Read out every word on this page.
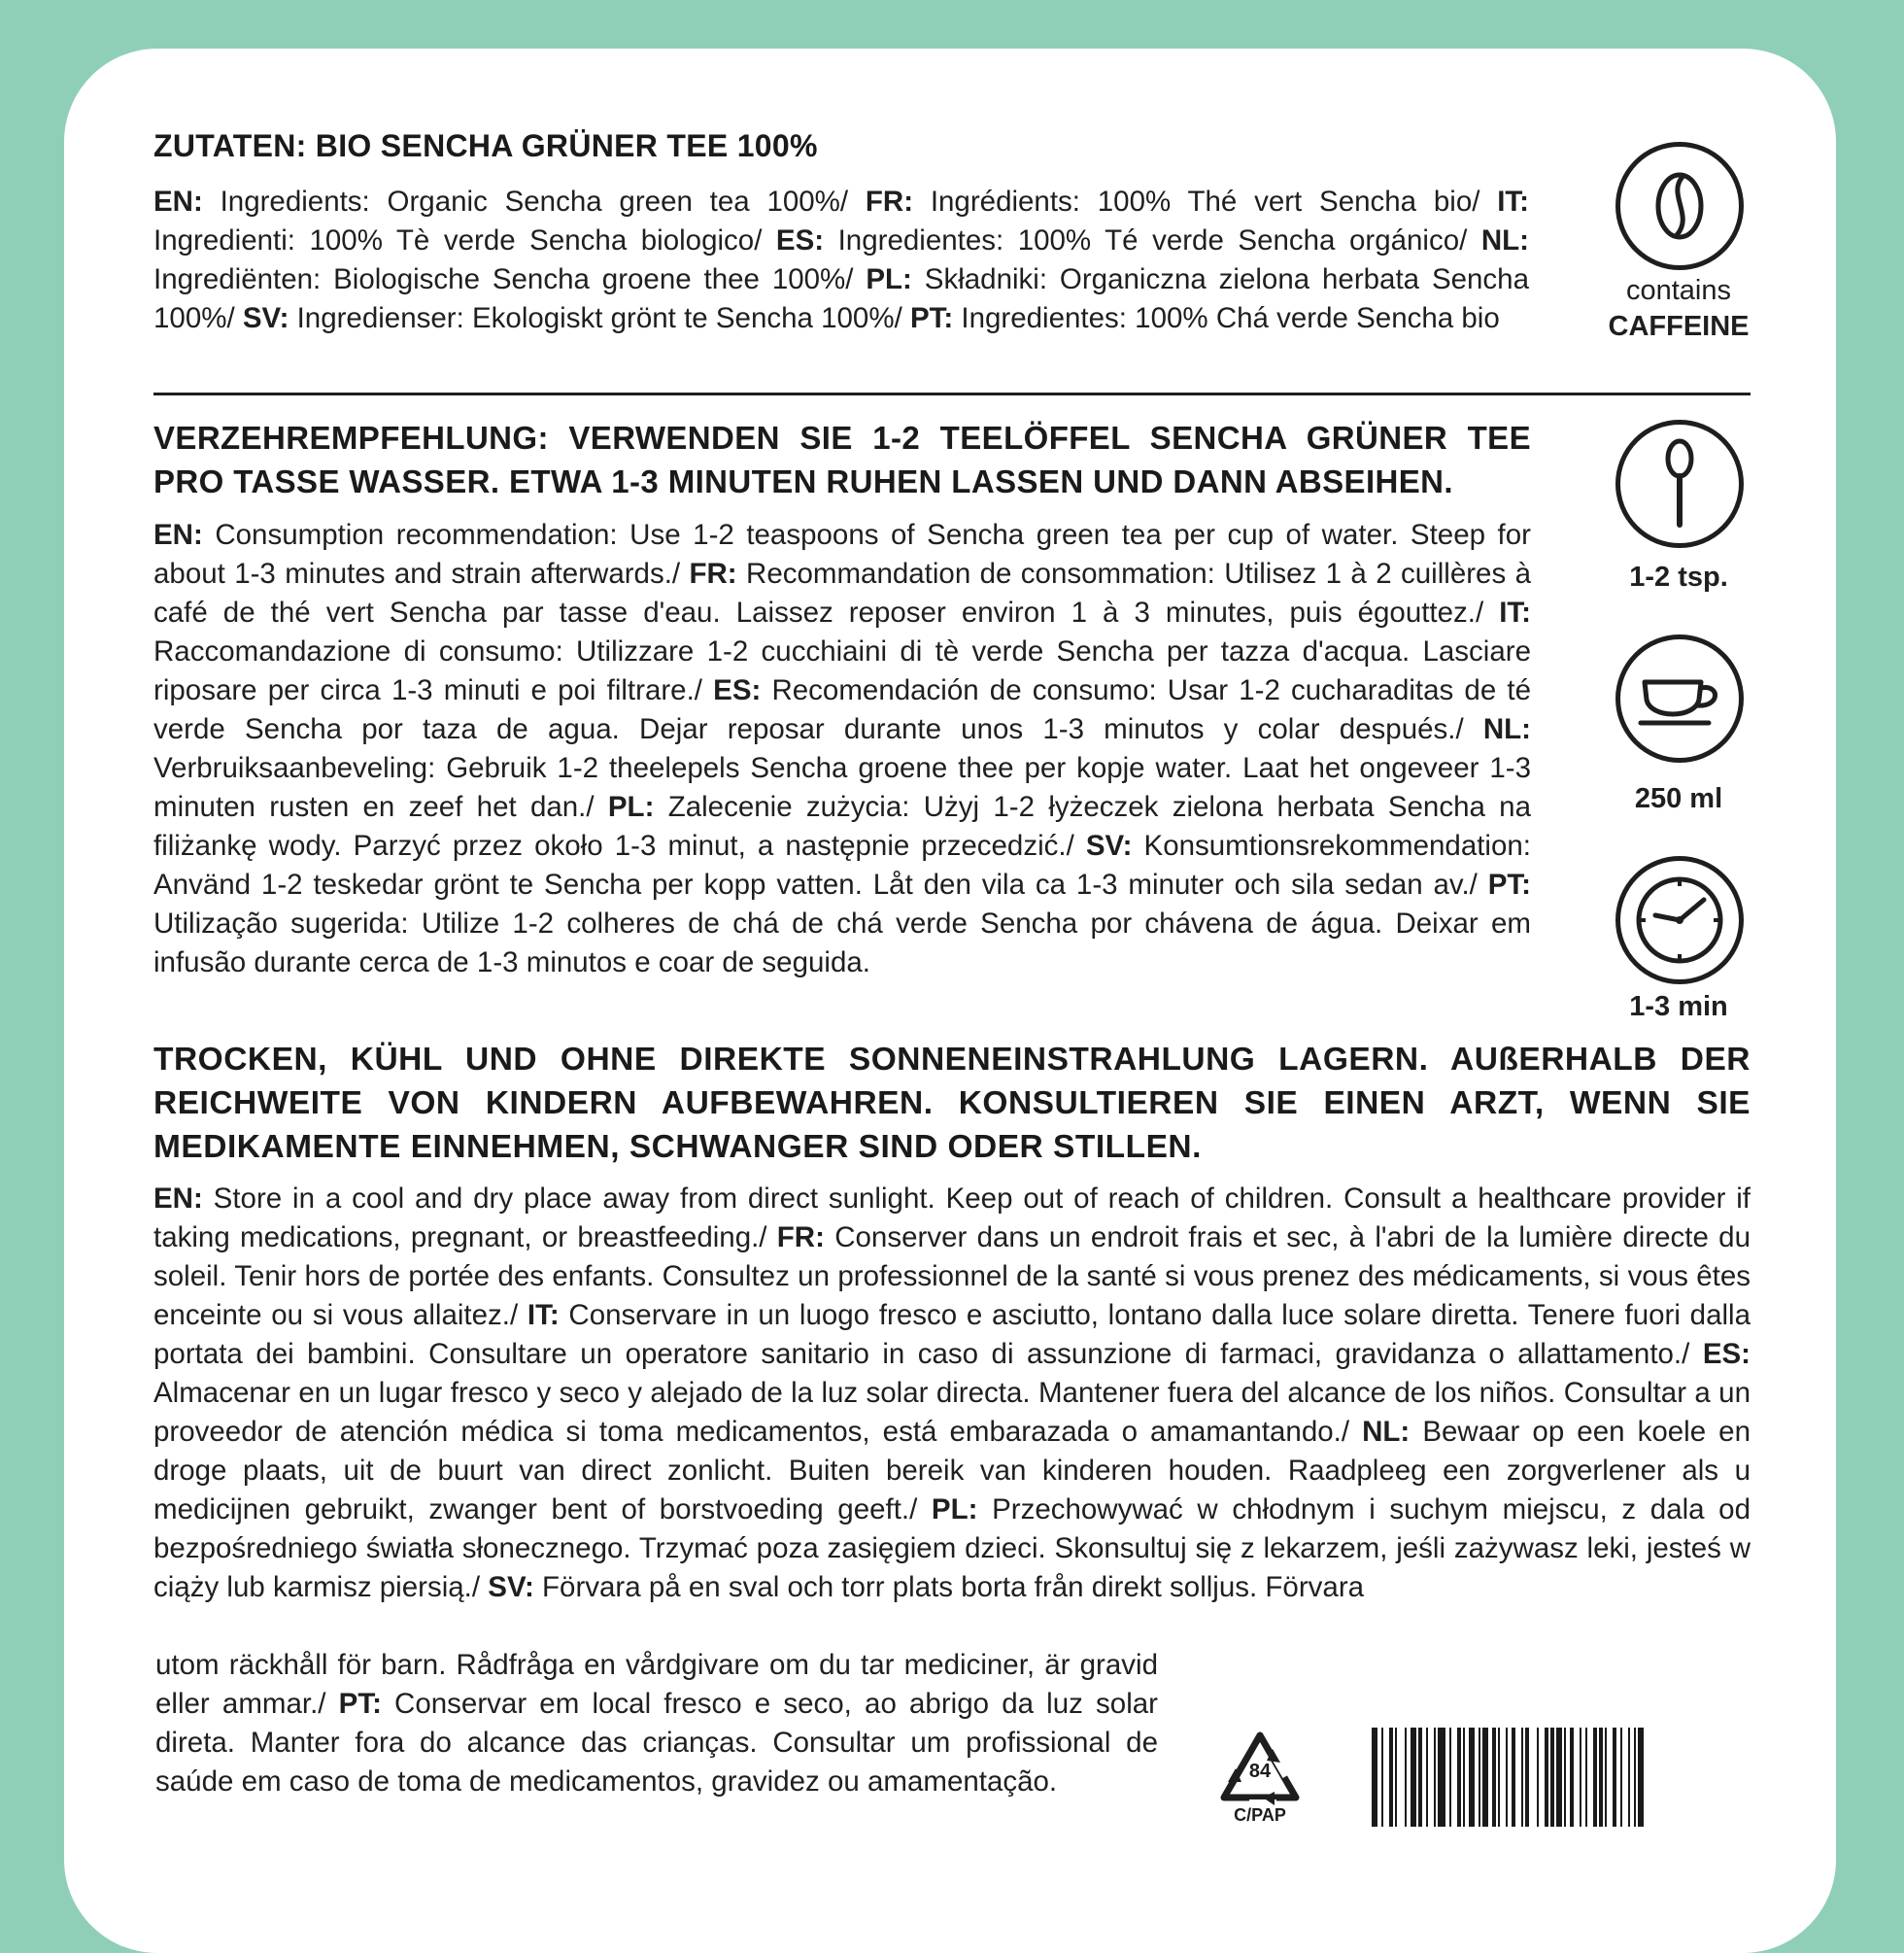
ZUTATEN: BIO SENCHA GRÜNER TEE 100%

EN: Ingredients: Organic Sencha green tea 100%/ FR: Ingrédients: 100% Thé vert Sencha bio/ IT: Ingredienti: 100% Tè verde Sencha biologico/ ES: Ingredientes: 100% Té verde Sencha orgánico/ NL: Ingrediënten: Biologische Sencha groene thee 100%/ PL: Składniki: Organiczna zielona herbata Sencha 100%/ SV: Ingredienser: Ekologiskt grönt te Sencha 100%/ PT: Ingredientes: 100% Chá verde Sencha bio

VERZEHREMPFEHLUNG: VERWENDEN SIE 1-2 TEELÖFFEL SENCHA GRÜNER TEE PRO TASSE WASSER. ETWA 1-3 MINUTEN RUHEN LASSEN UND DANN ABSEIHEN.

EN: Consumption recommendation: Use 1-2 teaspoons of Sencha green tea per cup of water. Steep for about 1-3 minutes and strain afterwards./ FR: Recommandation de consommation: Utilisez 1 à 2 cuillères à café de thé vert Sencha par tasse d'eau. Laissez reposer environ 1 à 3 minutes, puis égouttez./ IT: Raccomandazione di consumo: Utilizzare 1-2 cucchiaini di tè verde Sencha per tazza d'acqua. Lasciare riposare per circa 1-3 minuti e poi filtrare./ ES: Recomendación de consumo: Usar 1-2 cucharaditas de té verde Sencha por taza de agua. Dejar reposar durante unos 1-3 minutos y colar después./ NL: Verbruiksaanbeveling: Gebruik 1-2 theelepels Sencha groene thee per kopje water. Laat het ongeveer 1-3 minuten rusten en zeef het dan./ PL: Zalecenie zużycia: Użyj 1-2 łyżeczek zielona herbata Sencha na filiżankę wody. Parzyć przez około 1-3 minut, a następnie przecedzić./ SV: Konsumtionsrekommendation: Använd 1-2 teskedar grönt te Sencha per kopp vatten. Låt den vila ca 1-3 minuter och sila sedan av./ PT: Utilização sugerida: Utilize 1-2 colheres de chá de chá verde Sencha por chávena de água. Deixar em infusão durante cerca de 1-3 minutos e coar de seguida.

TROCKEN, KÜHL UND OHNE DIREKTE SONNENEINSTRAHLUNG LAGERN. AUßERHALB DER REICHWEITE VON KINDERN AUFBEWAHREN. KONSULTIEREN SIE EINEN ARZT, WENN SIE MEDIKAMENTE EINNEHMEN, SCHWANGER SIND ODER STILLEN.

EN: Store in a cool and dry place away from direct sunlight. Keep out of reach of children. Consult a healthcare provider if taking medications, pregnant, or breastfeeding./ FR: Conserver dans un endroit frais et sec, à l'abri de la lumière directe du soleil. Tenir hors de portée des enfants. Consultez un professionnel de la santé si vous prenez des médicaments, si vous êtes enceinte ou si vous allaitez./ IT: Conservare in un luogo fresco e asciutto, lontano dalla luce solare diretta. Tenere fuori dalla portata dei bambini. Consultare un operatore sanitario in caso di assunzione di farmaci, gravidanza o allattamento./ ES: Almacenar en un lugar fresco y seco y alejado de la luz solar directa. Mantener fuera del alcance de los niños. Consultar a un proveedor de atención médica si toma medicamentos, está embarazada o amamantando./ NL: Bewaar op een koele en droge plaats, uit de buurt van direct zonlicht. Buiten bereik van kinderen houden. Raadpleeg een zorgverlener als u medicijnen gebruikt, zwanger bent of borstvoeding geeft./ PL: Przechowywać w chłodnym i suchym miejscu, z dala od bezpośredniego światła słonecznego. Trzymać poza zasięgiem dzieci. Skonsultuj się z lekarzem, jeśli zażywasz leki, jesteś w ciąży lub karmisz piersią./ SV: Förvara på en sval och torr plats borta från direkt solljus. Förvara

utom räckhåll för barn. Rådfråga en vårdgivare om du tar mediciner, är gravid eller ammar./ PT: Conservar em local fresco e seco, ao abrigo da luz solar direta. Manter fora do alcance das crianças. Consultar um profissional de saúde em caso de toma de medicamentos, gravidez ou amamentação.

contains
CAFFEINE
1-2 tsp.
250 ml
1-3 min
84
C/PAP
